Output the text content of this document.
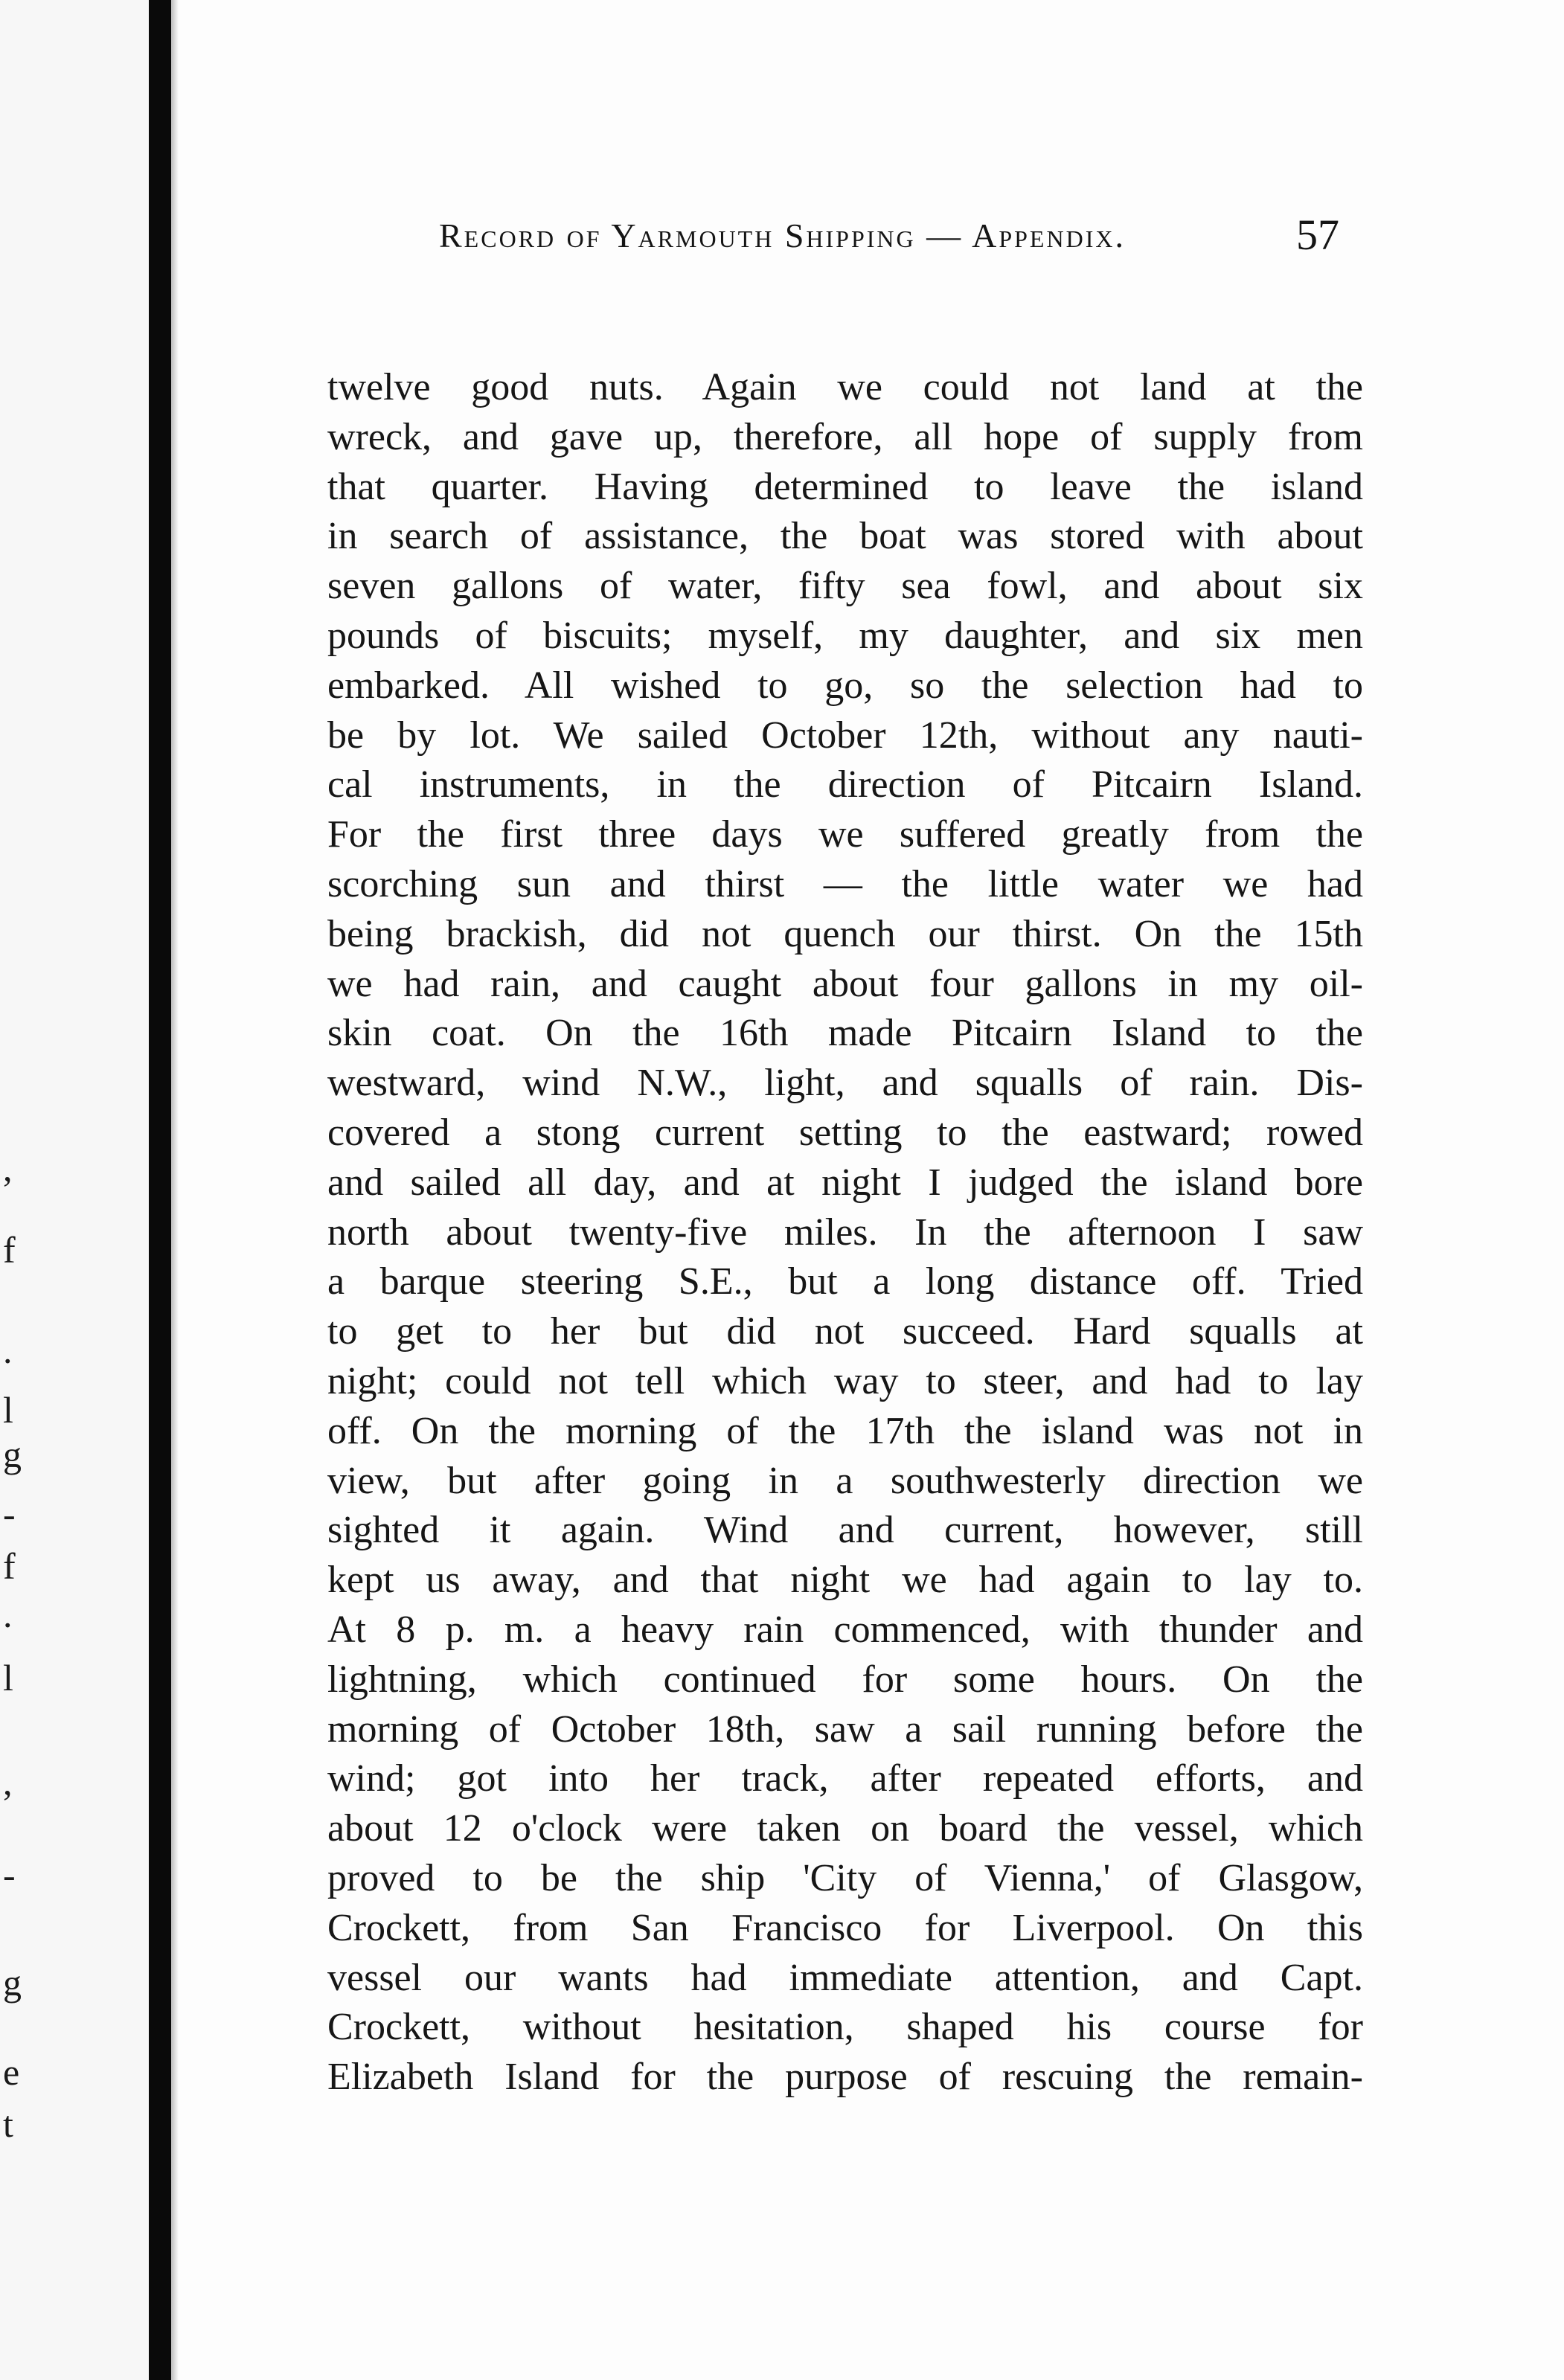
,
f
.
l
g
-
f
.
l
,
-
g
e
t
Record of Yarmouth Shipping — Appendix.	57
twelve good nuts. Again we could not land at the
wreck, and gave up, therefore, all hope of supply from
that quarter. Having determined to leave the island
in search of assistance, the boat was stored with about
seven gallons of water, fifty sea fowl, and about six
pounds of biscuits; myself, my daughter, and six men
embarked. All wished to go, so the selection had to
be by lot. We sailed October 12th, without any nauti-
cal instruments, in the direction of Pitcairn Island.
For the first three days we suffered greatly from the
scorching sun and thirst — the little water we had
being brackish, did not quench our thirst. On the 15th
we had rain, and caught about four gallons in my oil-
skin coat. On the 16th made Pitcairn Island to the
westward, wind N.W., light, and squalls of rain. Dis-
covered a stong current setting to the eastward; rowed
and sailed all day, and at night I judged the island bore
north about twenty-five miles. In the afternoon I saw
a barque steering S.E., but a long distance off. Tried
to get to her but did not succeed. Hard squalls at
night; could not tell which way to steer, and had to lay
off. On the morning of the 17th the island was not in
view, but after going in a southwesterly direction we
sighted it again. Wind and current, however, still
kept us away, and that night we had again to lay to.
At 8 p. m. a heavy rain commenced, with thunder and
lightning, which continued for some hours. On the
morning of October 18th, saw a sail running before the
wind; got into her track, after repeated efforts, and
about 12 o'clock were taken on board the vessel, which
proved to be the ship 'City of Vienna,' of Glasgow,
Crockett, from San Francisco for Liverpool. On this
vessel our wants had immediate attention, and Capt.
Crockett, without hesitation, shaped his course for
Elizabeth Island for the purpose of rescuing the remain-
